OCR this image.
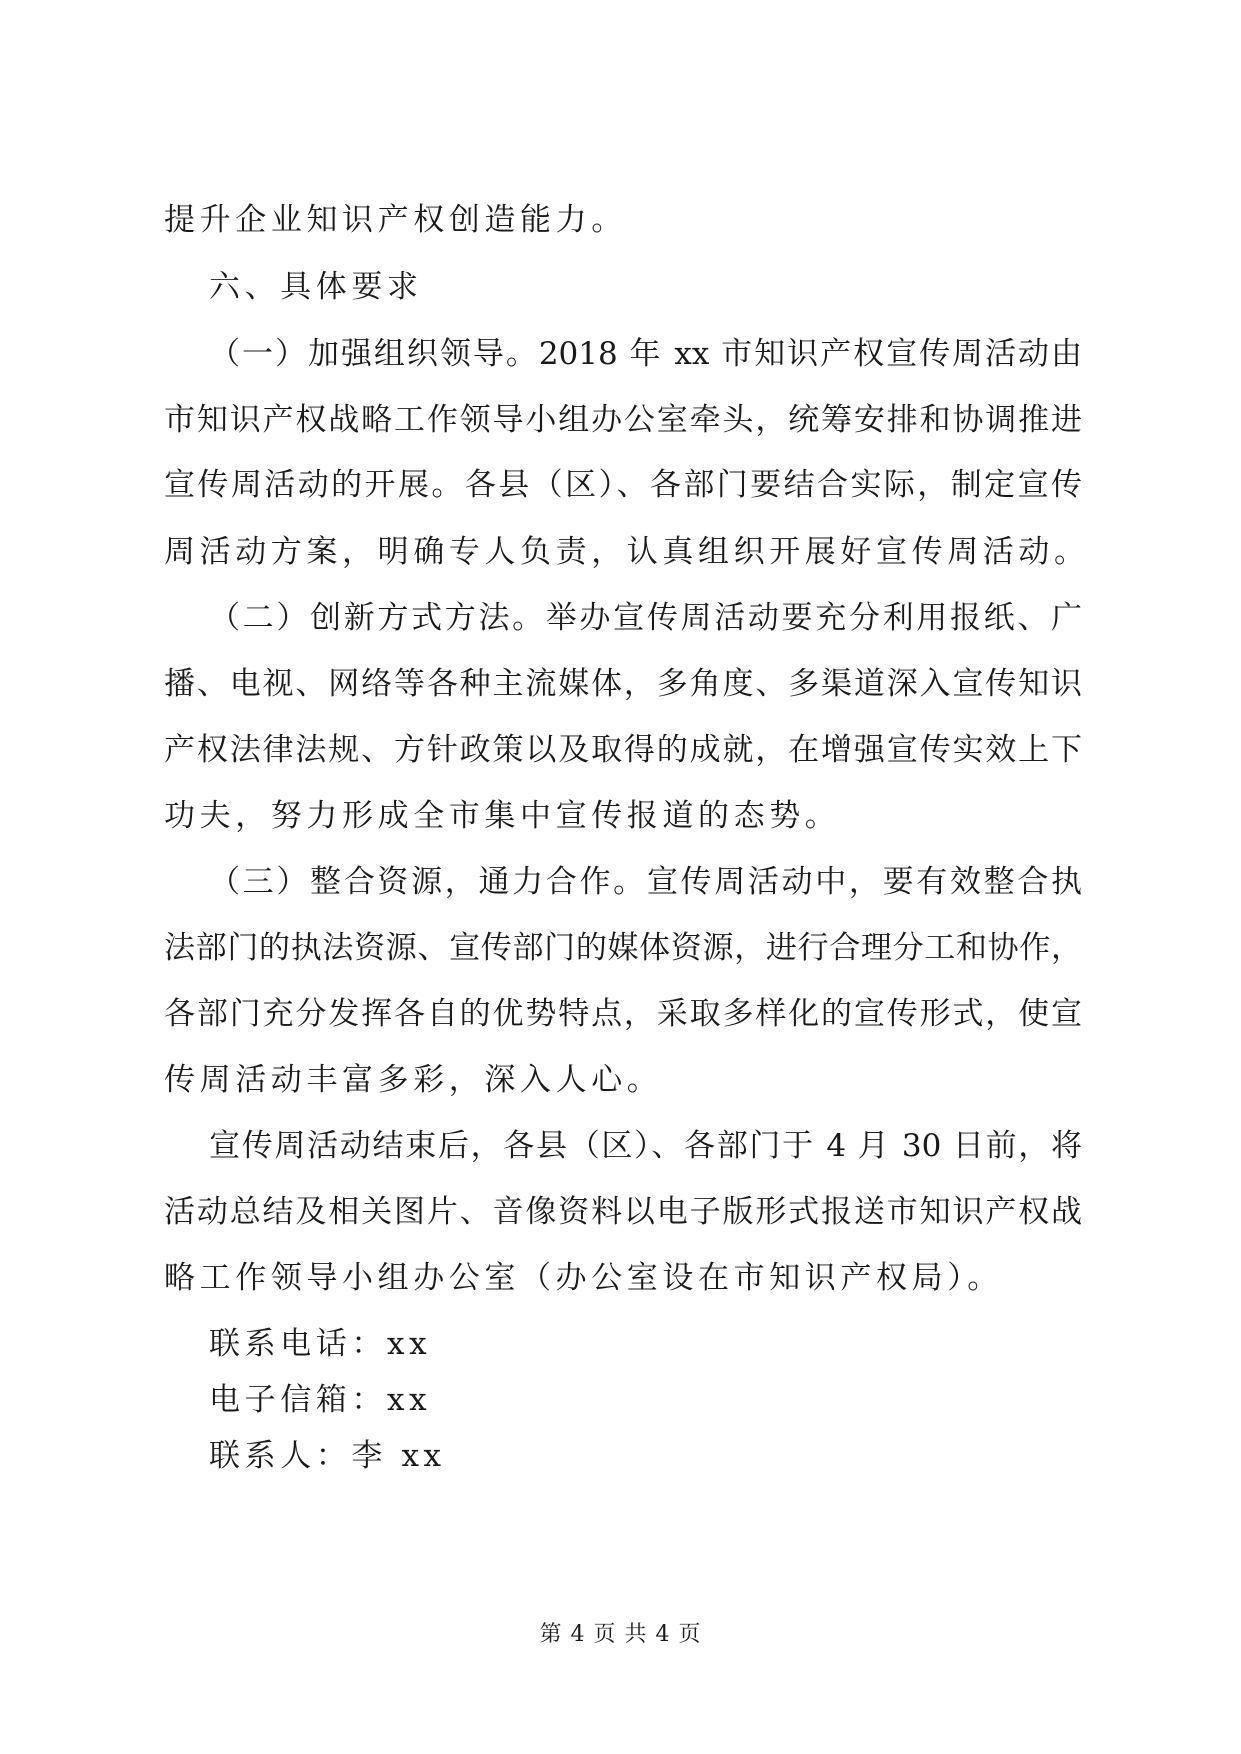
提升企业知识产权创造能力。
六、具体要求
（一）加强组织领导。2018 年 xx 市知识产权宣传周活动由
市知识产权战略工作领导小组办公室牵头，统筹安排和协调推进
宣传周活动的开展。各县（区）、各部门要结合实际，制定宣传
周活动方案，明确专人负责，认真组织开展好宣传周活动。
（二）创新方式方法。举办宣传周活动要充分利用报纸、广
播、电视、网络等各种主流媒体，多角度、多渠道深入宣传知识
产权法律法规、方针政策以及取得的成就，在增强宣传实效上下
功夫，努力形成全市集中宣传报道的态势。
（三）整合资源，通力合作。宣传周活动中，要有效整合执
法部门的执法资源、宣传部门的媒体资源，进行合理分工和协作，
各部门充分发挥各自的优势特点，采取多样化的宣传形式，使宣
传周活动丰富多彩，深入人心。
宣传周活动结束后，各县（区）、各部门于 4 月 30 日前，将
活动总结及相关图片、音像资料以电子版形式报送市知识产权战
略工作领导小组办公室（办公室设在市知识产权局）。
联系电话：xx
电子信箱：xx
联系人：李 xx
第 4 页 共 4 页
